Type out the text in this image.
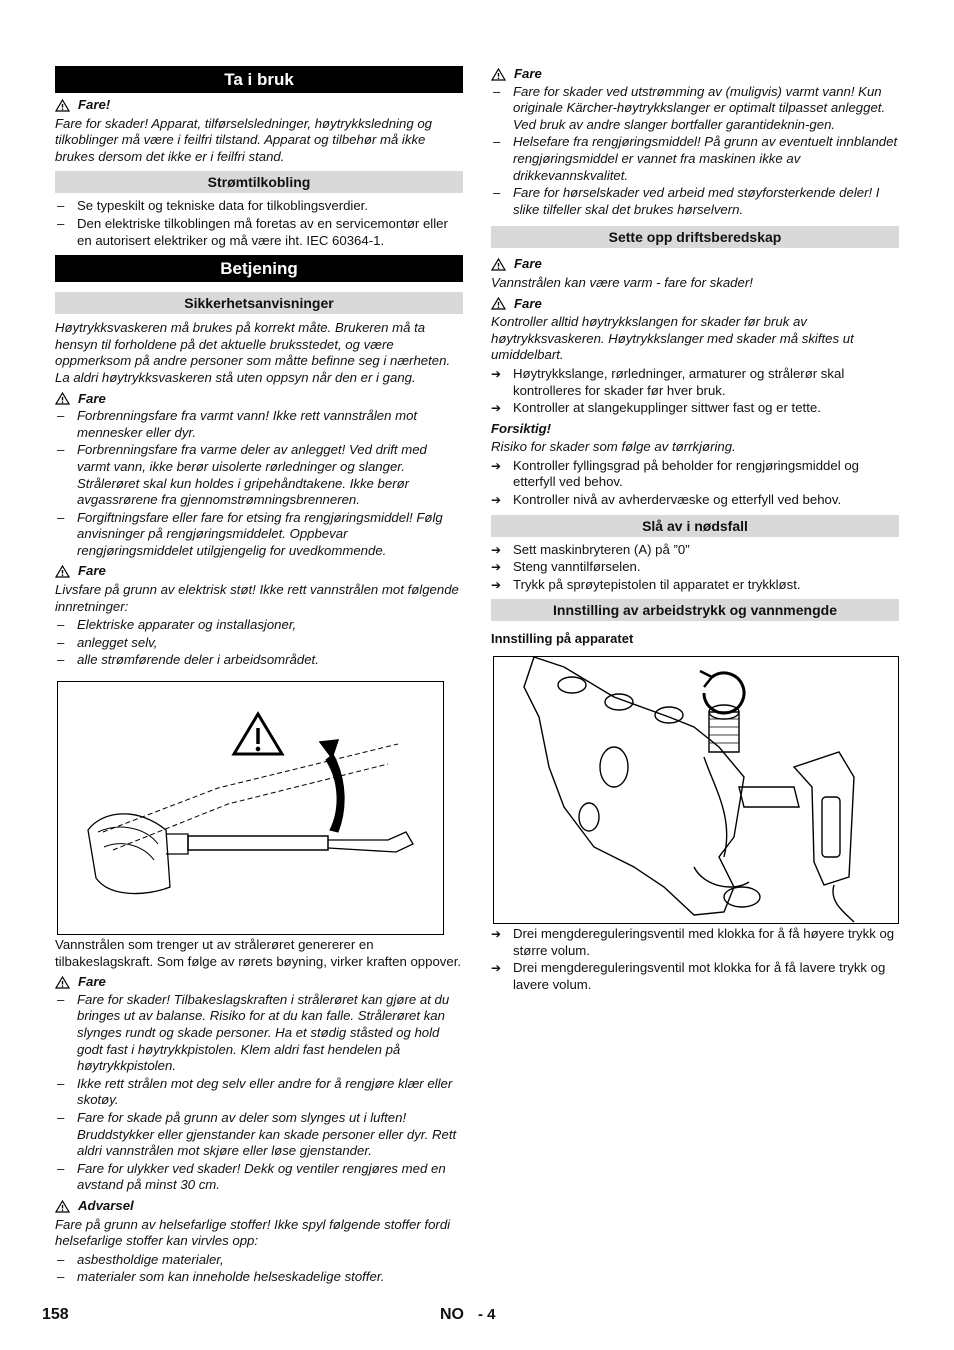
Ta i bruk
Fare!

Fare for skader! Apparat, tilførselsledninger, høytrykksledning og tilkoblinger må være i feilfri tilstand. Apparat og tilbehør må ikke brukes dersom det ikke er i feilfri stand.

Strømtilkobling
– Se typeskilt og tekniske data for tilkoblingsverdier.
– Den elektriske tilkoblingen må foretas av en servicemontør eller en autorisert elektriker og må være iht. IEC 60364-1.
Betjening
Sikkerhetsanvisninger

Høytrykksvaskeren må brukes på korrekt måte. Brukeren må ta hensyn til forholdene på det aktuelle bruksstedet, og være oppmerksom på andre personer som måtte befinne seg i nærheten. La aldri høytrykksvaskeren stå uten oppsyn når den er i gang.

Fare
– Forbrenningsfare fra varmt vann! Ikke rett vannstrålen mot mennesker eller dyr.
– Forbrenningsfare fra varme deler av anlegget! Ved drift med varmt vann, ikke berør uisolerte rørledninger og slanger. Strålerøret skal kun holdes i gripehåndtakene. Ikke berør avgassrørene fra gjennomstrømningsbrenneren.
– Forgiftningsfare eller fare for etsing fra rengjøringsmiddel! Følg anvisninger på rengjøringsmiddelet. Oppbevar rengjøringsmiddelet utilgjengelig for uvedkommende.
Fare

Livsfare på grunn av elektrisk støt! Ikke rett vannstrålen mot følgende innretninger:

– Elektriske apparater og installasjoner,
– anlegget selv,
– alle strømførende deler i arbeidsområdet.

Vannstrålen som trenger ut av strålerøret genererer en tilbakeslagskraft. Som følge av rørets bøyning, virker kraften oppover.

Fare
– Fare for skader! Tilbakeslagskraften i strålerøret kan gjøre at du bringes ut av balanse. Risiko for at du kan falle. Strålerøret kan slynges rundt og skade personer. Ha et stødig ståsted og hold godt fast i høytrykkpistolen. Klem aldri fast hendelen på høytrykkpistolen.
– Ikke rett strålen mot deg selv eller andre for å rengjøre klær eller skotøy.
– Fare for skade på grunn av deler som slynges ut i luften! Bruddstykker eller gjenstander kan skade personer eller dyr. Rett aldri vannstrålen mot skjøre eller løse gjenstander.
– Fare for ulykker ved skader! Dekk og ventiler rengjøres med en avstand på minst 30 cm.
Advarsel

Fare på grunn av helsefarlige stoffer! Ikke spyl følgende stoffer fordi helsefarlige stoffer kan virvles opp:

– asbestholdige materialer,
– materialer som kan inneholde helseskadelige stoffer.
Fare
– Fare for skader ved utstrømming av (muligvis) varmt vann! Kun originale Kärcher-høytrykkslanger er optimalt tilpasset anlegget. Ved bruk av andre slanger bortfaller garantideknin-gen.
– Helsefare fra rengjøringsmiddel! På grunn av eventuelt innblandet rengjøringsmiddel er vannet fra maskinen ikke av drikkevannskvalitet.
– Fare for hørselskader ved arbeid med støyforsterkende deler! I slike tilfeller skal det brukes hørselvern.
Sette opp driftsberedskap
Fare

Vannstrålen kan være varm - fare for skader!

Fare

Kontroller alltid høytrykkslangen for skader før bruk av høytrykksvaskeren. Høytrykkslanger med skader må skiftes ut umiddelbart.

➔ Høytrykkslange, rørledninger, armaturer og strålerør skal kontrolleres for skader før hver bruk.
➔ Kontroller at slangekupplinger sittwer fast og er tette.
Forsiktig!

Risiko for skader som følge av tørrkjøring.

➔ Kontroller fyllingsgrad på beholder for rengjøringsmiddel og etterfyll ved behov.
➔ Kontroller nivå av avherdervæske og etterfyll ved behov.
Slå av i nødsfall
➔ Sett maskinbryteren (A) på ”0”
➔ Steng vanntilførselen.
➔ Trykk på sprøytepistolen til apparatet er trykkløst.
Innstilling av arbeidstrykk og vannmengde
Innstilling på apparatet
➔ Drei mengdereguleringsventil med klokka for å få høyere trykk og større volum.
➔ Drei mengdereguleringsventil mot klokka for å få lavere trykk og lavere volum.
158	NO - 4
